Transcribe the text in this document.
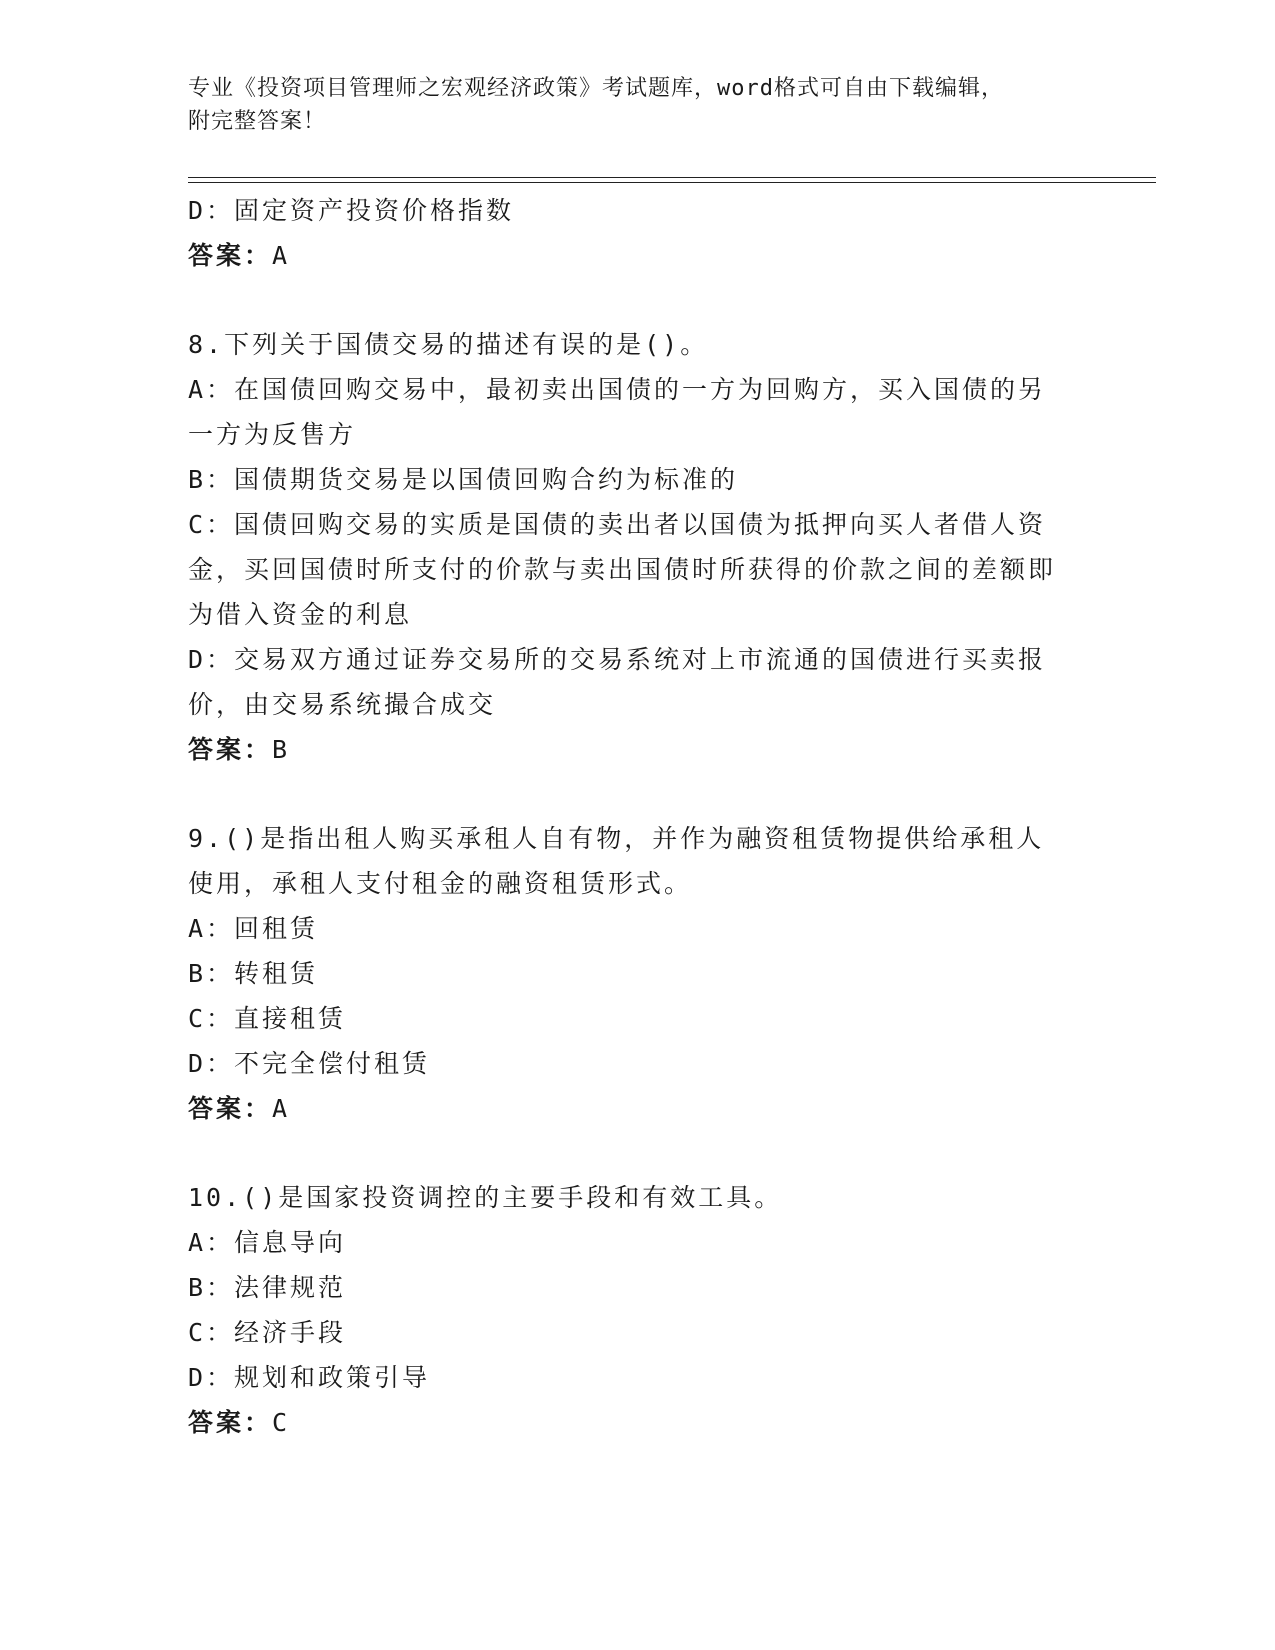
专业《投资项目管理师之宏观经济政策》考试题库，word格式可自由下载编辑，
附完整答案！

D：固定资产投资价格指数

答案：A

8.下列关于国债交易的描述有误的是()。

A：在国债回购交易中，最初卖出国债的一方为回购方，买入国债的另一方为反售方

B：国债期货交易是以国债回购合约为标准的

C：国债回购交易的实质是国债的卖出者以国债为抵押向买人者借人资金，买回国债时所支付的价款与卖出国债时所获得的价款之间的差额即为借入资金的利息

D：交易双方通过证券交易所的交易系统对上市流通的国债进行买卖报价，由交易系统撮合成交

答案：B

9.()是指出租人购买承租人自有物，并作为融资租赁物提供给承租人使用，承租人支付租金的融资租赁形式。

A：回租赁

B：转租赁

C：直接租赁

D：不完全偿付租赁

答案：A

10.()是国家投资调控的主要手段和有效工具。

A：信息导向

B：法律规范

C：经济手段

D：规划和政策引导

答案：C
